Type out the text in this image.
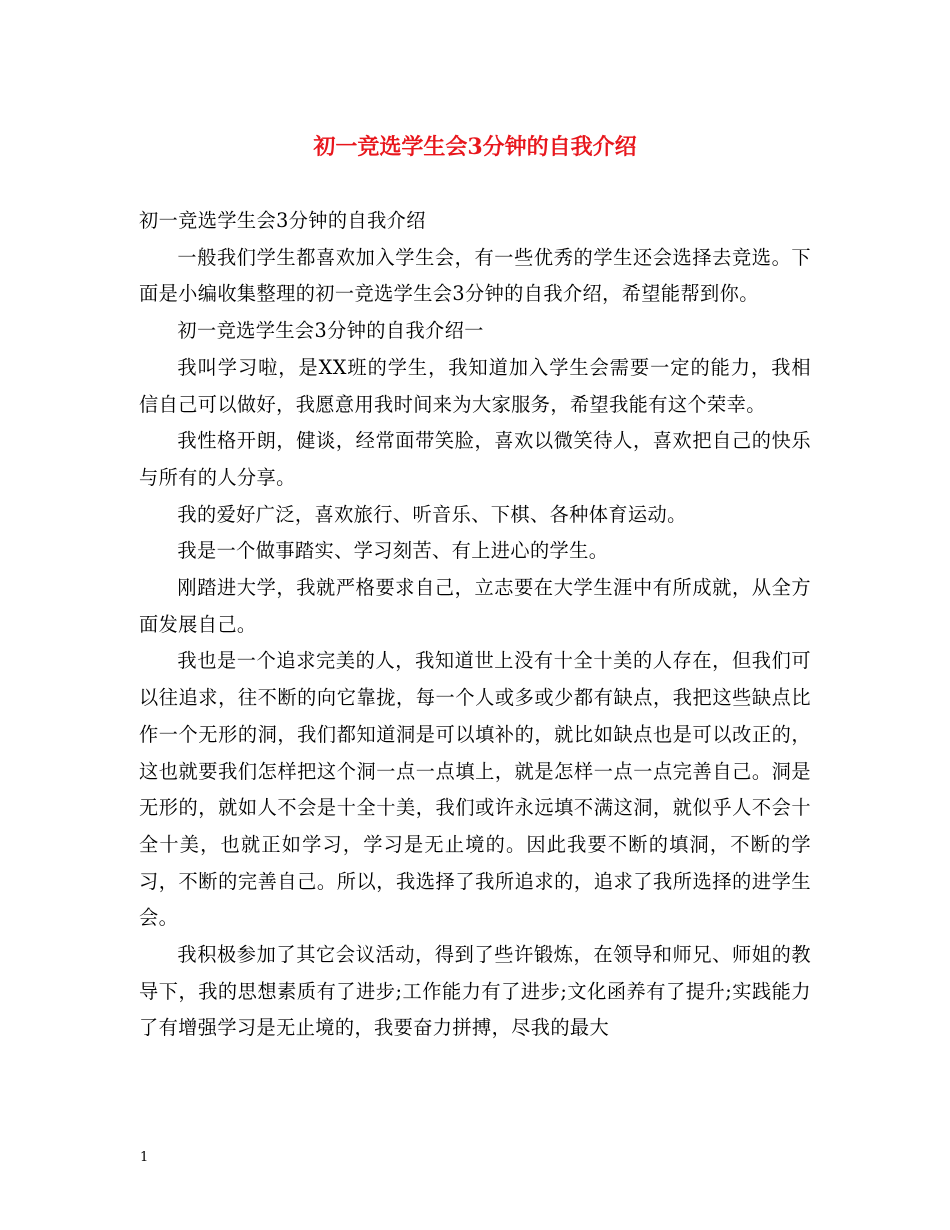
初一竞选学生会3分钟的自我介绍

初一竞选学生会3分钟的自我介绍

一般我们学生都喜欢加入学生会，有一些优秀的学生还会选择去竞选。下面是小编收集整理的初一竞选学生会3分钟的自我介绍，希望能帮到你。

初一竞选学生会3分钟的自我介绍一

我叫学习啦，是XX班的学生，我知道加入学生会需要一定的能力，我相信自己可以做好，我愿意用我时间来为大家服务，希望我能有这个荣幸。

我性格开朗，健谈，经常面带笑脸，喜欢以微笑待人，喜欢把自己的快乐与所有的人分享。

我的爱好广泛，喜欢旅行、听音乐、下棋、各种体育运动。

我是一个做事踏实、学习刻苦、有上进心的学生。

刚踏进大学，我就严格要求自己，立志要在大学生涯中有所成就，从全方面发展自己。

我也是一个追求完美的人，我知道世上没有十全十美的人存在，但我们可以往追求，往不断的向它靠拢，每一个人或多或少都有缺点，我把这些缺点比作一个无形的洞，我们都知道洞是可以填补的，就比如缺点也是可以改正的，这也就要我们怎样把这个洞一点一点填上，就是怎样一点一点完善自己。洞是无形的，就如人不会是十全十美，我们或许永远填不满这洞，就似乎人不会十全十美，也就正如学习，学习是无止境的。因此我要不断的填洞，不断的学习，不断的完善自己。所以，我选择了我所追求的，追求了我所选择的进学生会。

我积极参加了其它会议活动，得到了些许锻炼，在领导和师兄、师姐的教导下，我的思想素质有了进步;工作能力有了进步;文化函养有了提升;实践能力了有增强学习是无止境的，我要奋力拼搏，尽我的最大

1
